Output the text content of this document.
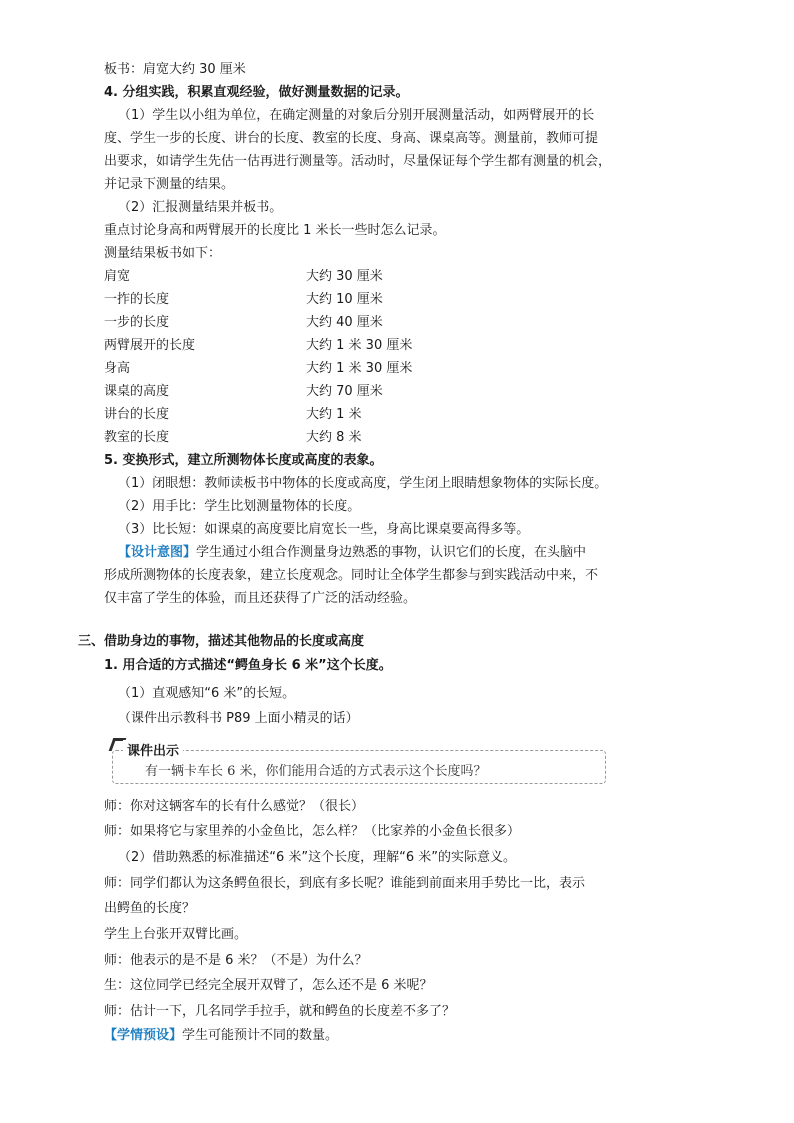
板书：肩宽大约 30 厘米
4. 分组实践，积累直观经验，做好测量数据的记录。
（1）学生以小组为单位，在确定测量的对象后分别开展测量活动，如两臂展开的长
度、学生一步的长度、讲台的长度、教室的长度、身高、课桌高等。测量前，教师可提
出要求，如请学生先估一估再进行测量等。活动时，尽量保证每个学生都有测量的机会，
并记录下测量的结果。
（2）汇报测量结果并板书。
重点讨论身高和两臂展开的长度比 1 米长一些时怎么记录。
测量结果板书如下：
肩宽	大约 30 厘米
一拃的长度	大约 10 厘米
一步的长度	大约 40 厘米
两臂展开的长度	大约 1 米 30 厘米
身高	大约 1 米 30 厘米
课桌的高度	大约 70 厘米
讲台的长度	大约 1 米
教室的长度	大约 8 米
5. 变换形式，建立所测物体长度或高度的表象。
（1）闭眼想：教师读板书中物体的长度或高度，学生闭上眼睛想象物体的实际长度。
（2）用手比：学生比划测量物体的长度。
（3）比长短：如课桌的高度要比肩宽长一些，身高比课桌要高得多等。
【设计意图】学生通过小组合作测量身边熟悉的事物，认识它们的长度，在头脑中
形成所测物体的长度表象，建立长度观念。同时让全体学生都参与到实践活动中来，不
仅丰富了学生的体验，而且还获得了广泛的活动经验。
三、借助身边的事物，描述其他物品的长度或高度
1. 用合适的方式描述“鳄鱼身长 6 米”这个长度。
（1）直观感知“6 米”的长短。
（课件出示教科书 P89 上面小精灵的话）
课件出示
有一辆卡车长 6 米，你们能用合适的方式表示这个长度吗？
师：你对这辆客车的长有什么感觉？（很长）
师：如果将它与家里养的小金鱼比，怎么样？（比家养的小金鱼长很多）
（2）借助熟悉的标准描述“6 米”这个长度，理解“6 米”的实际意义。
师：同学们都认为这条鳄鱼很长，到底有多长呢？谁能到前面来用手势比一比，表示
出鳄鱼的长度？
学生上台张开双臂比画。
师：他表示的是不是 6 米？（不是）为什么？
生：这位同学已经完全展开双臂了，怎么还不是 6 米呢？
师：估计一下，几名同学手拉手，就和鳄鱼的长度差不多了？
【学情预设】学生可能预计不同的数量。
